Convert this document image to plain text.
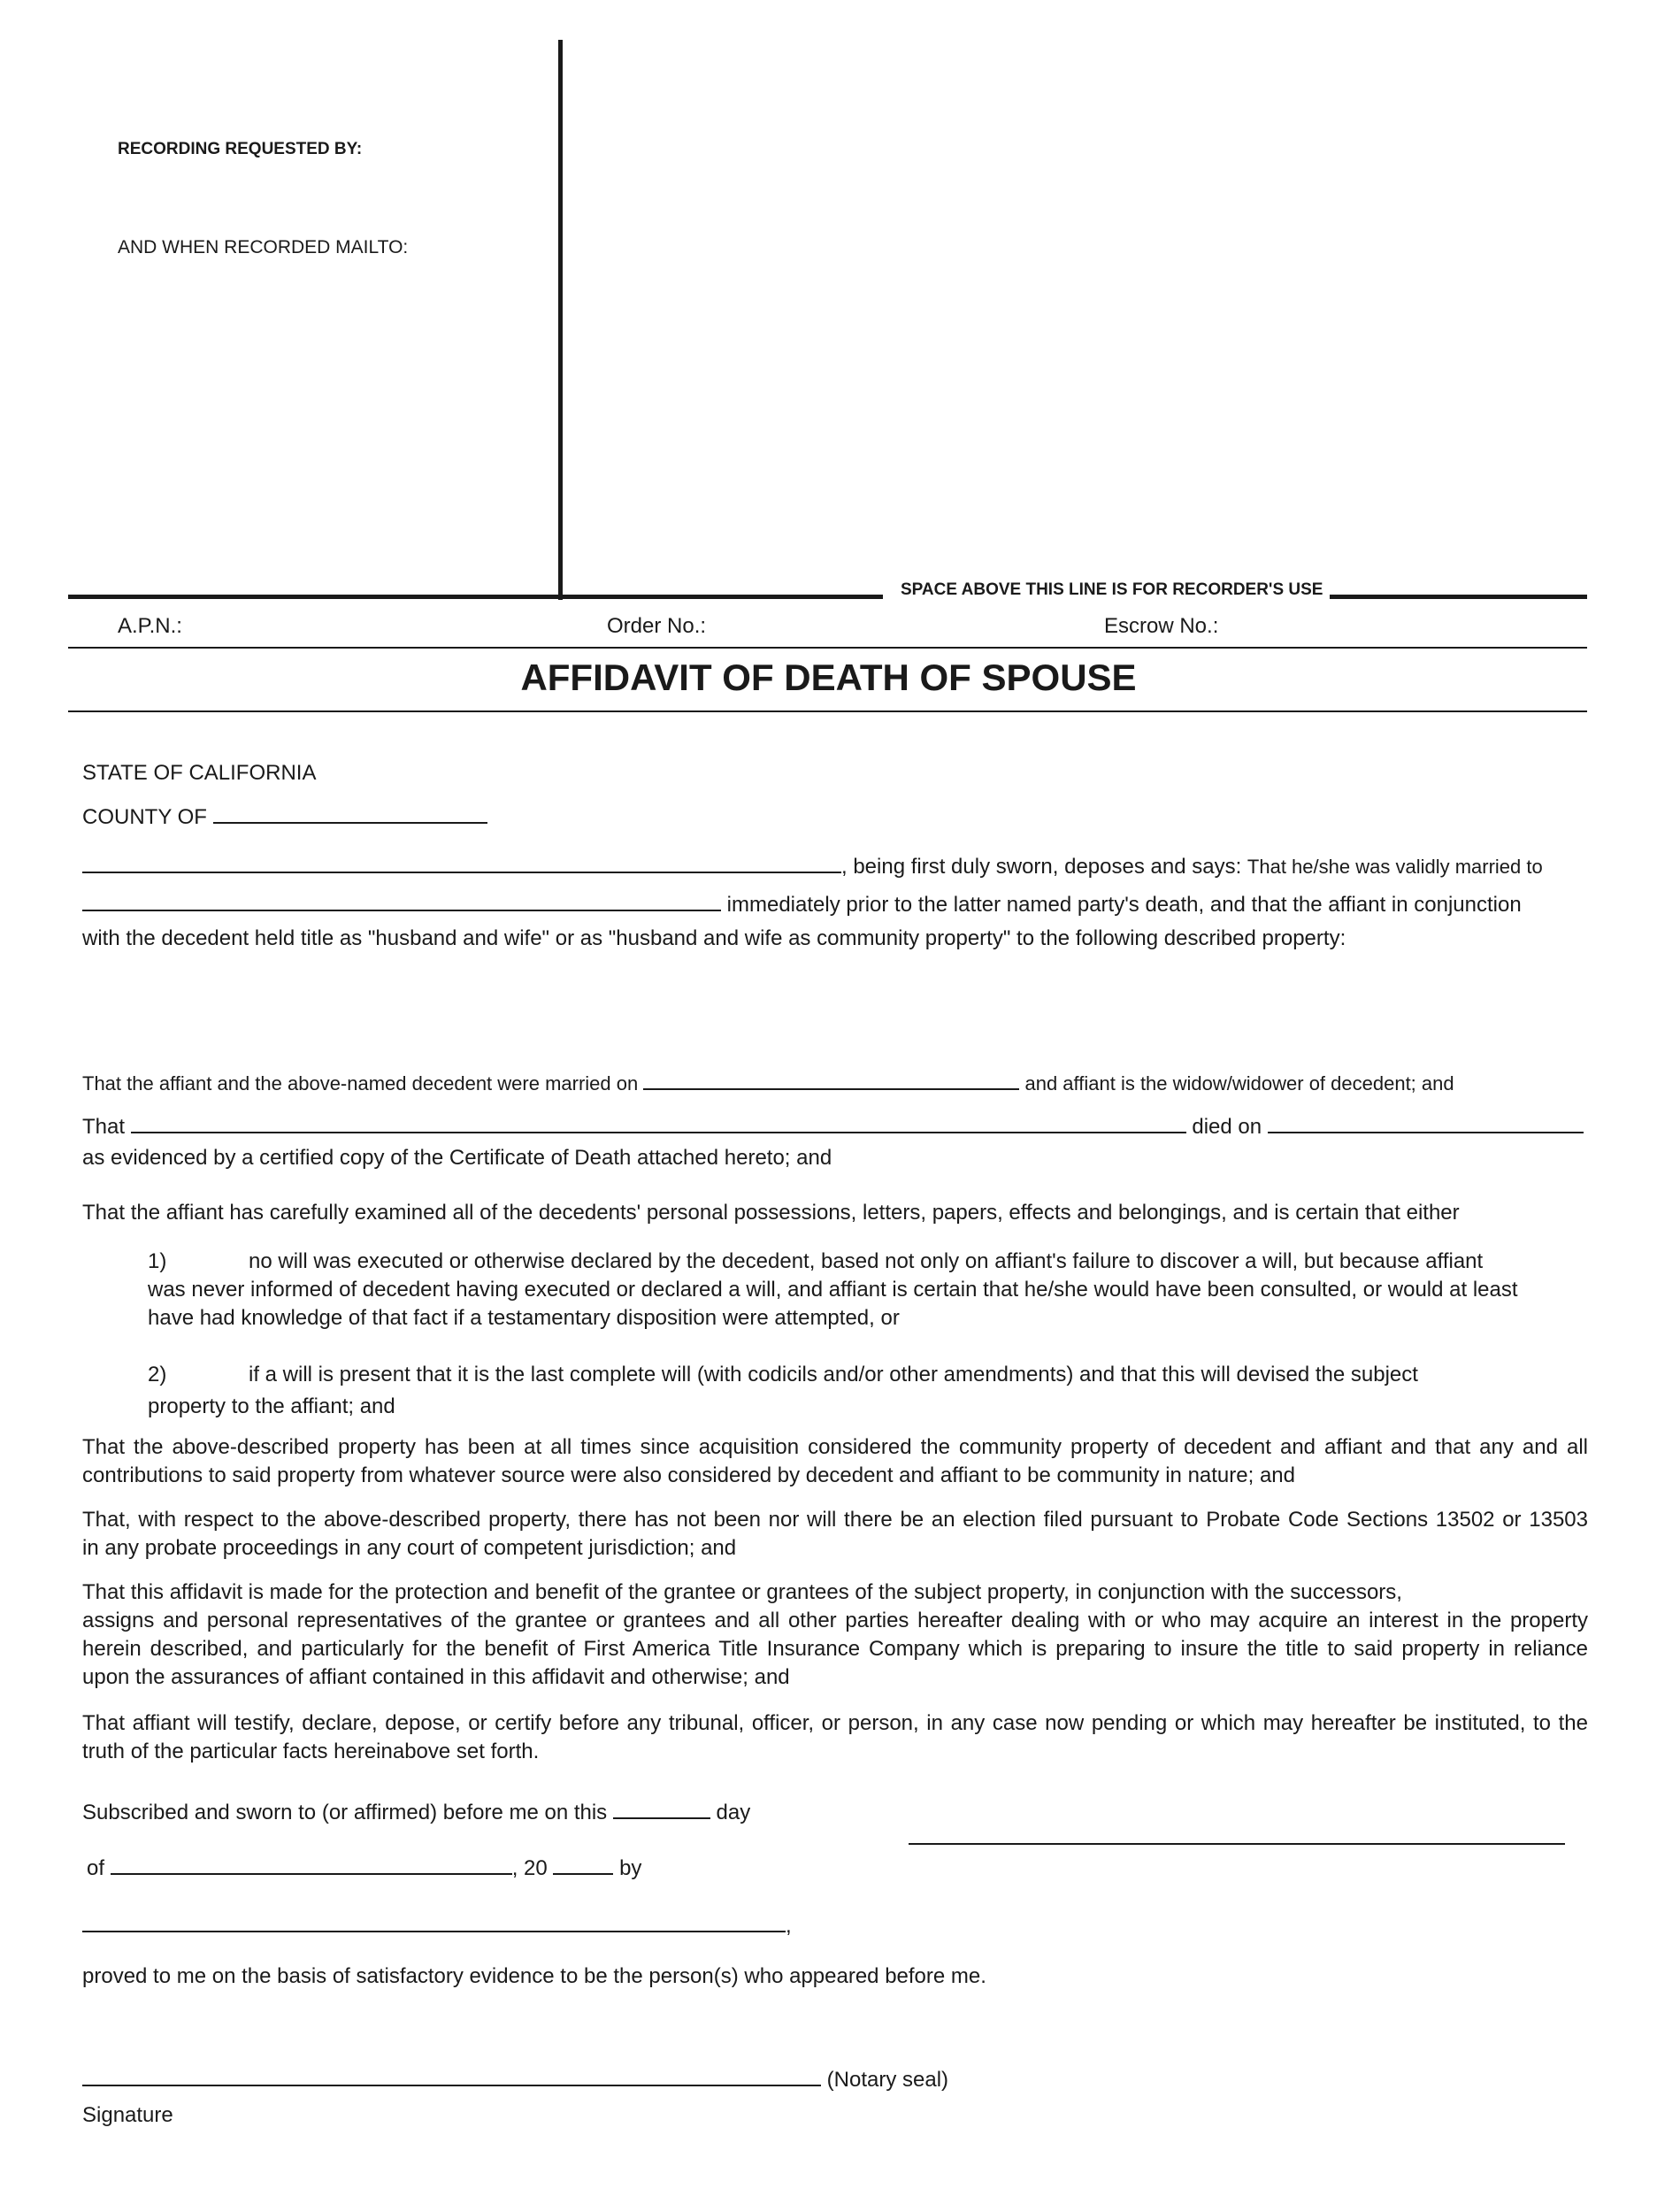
RECORDING REQUESTED BY:
AND WHEN RECORDED MAILTO:
SPACE ABOVE THIS LINE IS FOR RECORDER'S USE
A.P.N.:	Order No.:	Escrow No.:
AFFIDAVIT OF DEATH OF SPOUSE
STATE OF CALIFORNIA
COUNTY OF
, being first duly sworn, deposes and says: That he/she was validly married to
immediately prior to the latter named party's death, and that the affiant in conjunction
with the decedent held title as "husband and wife" or as "husband and wife as community property" to the following described property:
That the affiant and the above-named decedent were married on	and affiant is the widow/widower of decedent; and
That	died on
as evidenced by a certified copy of the Certificate of Death attached hereto; and
That the affiant has carefully examined all of the decedents' personal possessions, letters, papers, effects and belongings, and is certain that either
1)	no will was executed or otherwise declared by the decedent, based not only on affiant's failure to discover a will, but because affiant
was never informed of decedent having executed or declared a will, and affiant is certain that he/she would have been consulted, or would at least
have had knowledge of that fact if a testamentary disposition were attempted, or
2)	if a will is present that it is the last complete will (with codicils and/or other amendments) and that this will devised the subject
property to the affiant; and
That the above-described property has been at all times since acquisition considered the community property of decedent and affiant and that any and all
contributions to said property from whatever source were also considered by decedent and affiant to be community in nature; and
That, with respect to the above-described property, there has not been nor will there be an election filed pursuant to Probate Code Sections 13502 or 13503
in any probate proceedings in any court of competent jurisdiction; and
That this affidavit is made for the protection and benefit of the grantee or grantees of the subject property, in conjunction with the successors,
assigns and personal representatives of the grantee or grantees and all other parties hereafter dealing with or who may acquire an interest in the property
herein described, and particularly for the benefit of First America Title Insurance Company which is preparing to insure the title to said property in reliance
upon the assurances of affiant contained in this affidavit and otherwise; and
That affiant will testify, declare, depose, or certify before any tribunal, officer, or person, in any case now pending or which may hereafter be instituted, to the
truth of the particular facts hereinabove set forth.
Subscribed and sworn to (or affirmed) before me on this	day
of	, 20	by
,
proved to me on the basis of satisfactory evidence to be the person(s) who appeared before me.
(Notary seal)
Signature
